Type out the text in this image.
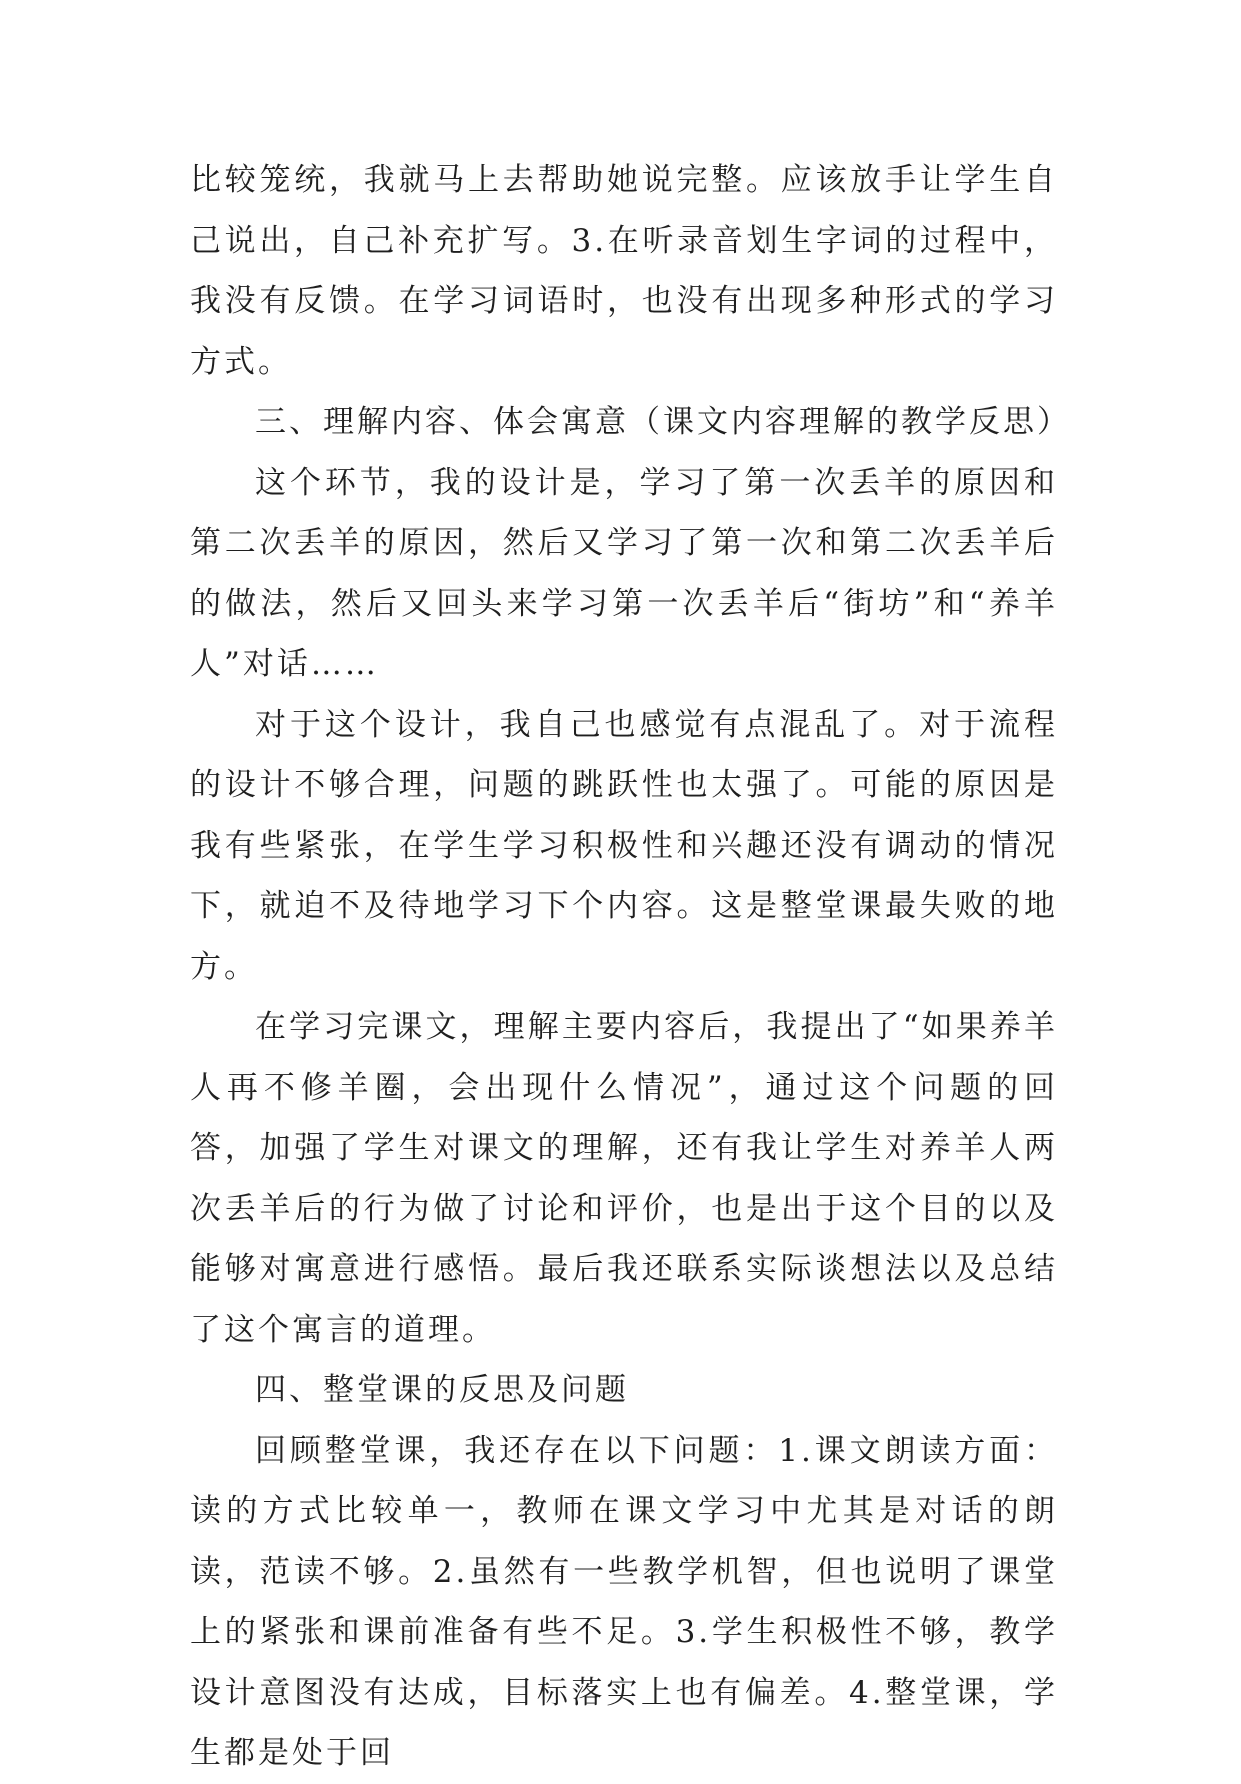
比较笼统，我就马上去帮助她说完整。应该放手让学生自己说出，自己补充扩写。3.在听录音划生字词的过程中，我没有反馈。在学习词语时，也没有出现多种形式的学习方式。

三、理解内容、体会寓意（课文内容理解的教学反思）

这个环节，我的设计是，学习了第一次丢羊的原因和第二次丢羊的原因，然后又学习了第一次和第二次丢羊后的做法，然后又回头来学习第一次丢羊后“街坊”和“养羊人”对话……

对于这个设计，我自己也感觉有点混乱了。对于流程的设计不够合理，问题的跳跃性也太强了。可能的原因是我有些紧张，在学生学习积极性和兴趣还没有调动的情况下，就迫不及待地学习下个内容。这是整堂课最失败的地方。

在学习完课文，理解主要内容后，我提出了“如果养羊人再不修羊圈，会出现什么情况”，通过这个问题的回答，加强了学生对课文的理解，还有我让学生对养羊人两次丢羊后的行为做了讨论和评价，也是出于这个目的以及能够对寓意进行感悟。最后我还联系实际谈想法以及总结了这个寓言的道理。

四、整堂课的反思及问题

回顾整堂课，我还存在以下问题：1.课文朗读方面：读的方式比较单一，教师在课文学习中尤其是对话的朗读，范读不够。2.虽然有一些教学机智，但也说明了课堂上的紧张和课前准备有些不足。3.学生积极性不够，教学设计意图没有达成，目标落实上也有偏差。4.整堂课，学生都是处于回
